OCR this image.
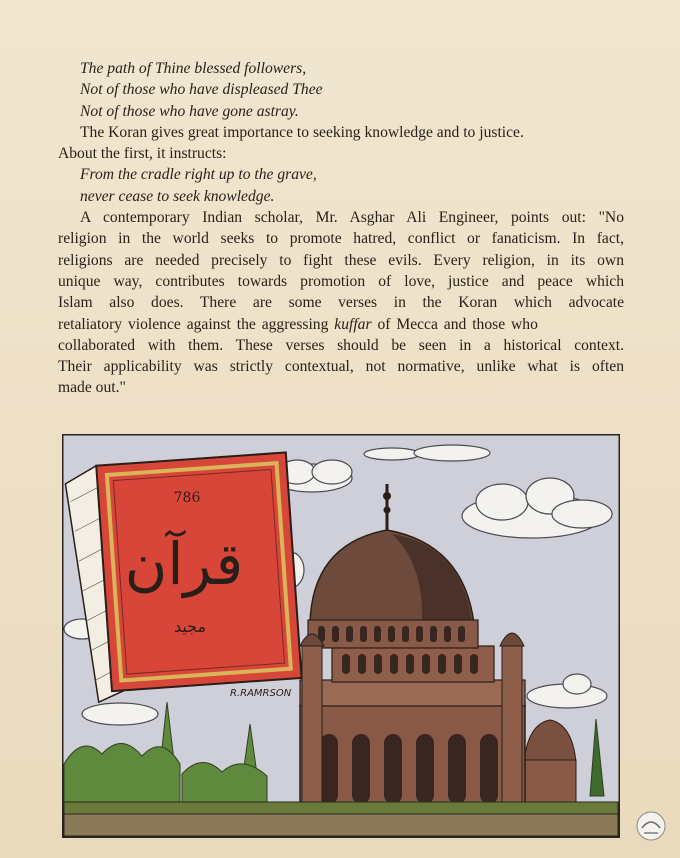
The path of Thine blessed followers,
Not of those who have displeased Thee
Not of those who have gone astray.
The Koran gives great importance to seeking knowledge and to justice.
About the first, it instructs:
From the cradle right up to the grave,
never cease to seek knowledge.
A contemporary Indian scholar, Mr. Asghar Ali Engineer, points out: "No
religion in the world seeks to promote hatred, conflict or fanaticism. In fact,
religions are needed precisely to fight these evils. Every religion, in its own
unique way, contributes towards promotion of love, justice and peace which
Islam also does. There are some verses in the Koran which advocate
retaliatory violence against the aggressing kuffar of Mecca and those who
collaborated with them. These verses should be seen in a historical context.
Their applicability was strictly contextual, not normative, unlike what is often
made out."
786
قرآن
مجيد
R.RAMRSON
